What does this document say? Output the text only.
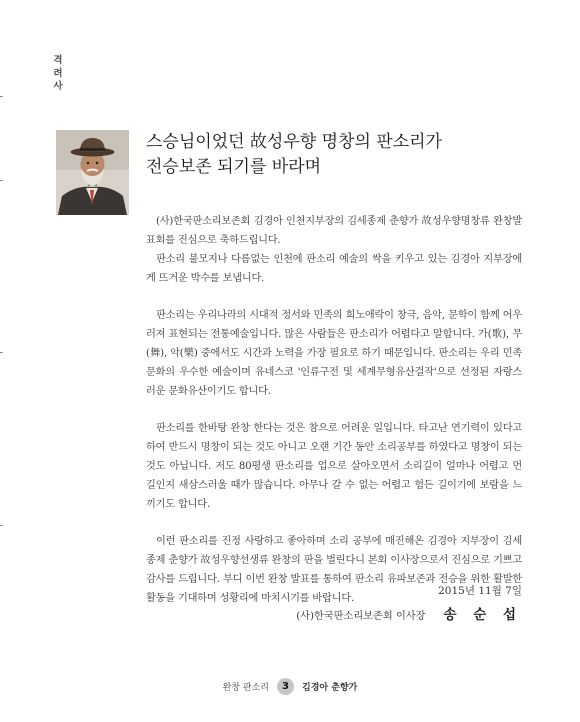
격려사
스승님이었던 故성우향 명창의 판소리가
전승보존 되기를 바라며

(사)한국판소리보존회 김경아 인천지부장의 김세종제 춘향가 故성우향명창류 완창발표회를 진심으로 축하드립니다.

판소리 불모지나 다름없는 인천에 판소리 예술의 싹을 키우고 있는 김경아 지부장에게 뜨거운 박수를 보냅니다.

판소리는 우리나라의 시대적 정서와 민족의 희노애락이 창극, 음악, 문학이 함께 어우러져 표현되는 전통예술입니다. 많은 사람들은 판소리가 어렵다고 말합니다. 가(歌), 무(舞), 악(樂) 중에서도 시간과 노력을 가장 필요로 하기 때문입니다. 판소리는 우리 민족문화의 우수한 예술이며 유네스코 '인류구전 및 세계무형유산걸작'으로 선정된 자랑스러운 문화유산이기도 합니다.

판소리를 한바탕 완창 한다는 것은 참으로 어려운 일입니다. 타고난 연기력이 있다고 하여 반드시 명창이 되는 것도 아니고 오랜 기간 동안 소리공부를 하였다고 명창이 되는 것도 아닙니다. 저도 80평생 판소리를 업으로 살아오면서 소리길이 얼마나 어렵고 먼 길인지 새삼스러울 때가 많습니다. 아무나 갈 수 없는 어렵고 험든 길이기에 보람을 느끼기도 합니다.

이런 판소리를 진정 사랑하고 좋아하며 소리 공부에 매진해온 김경아 지부장이 김세종제 춘향가 故성우향선생류 완창의 판을 벌린다니 본회 이사장으로서 진심으로 기쁘고 감사를 드립니다. 부디 이번 완창 발표를 통하여 판소리 유파보존과 전승을 위한 활발한 활동을 기대하며 성황리에 마치시기를 바랍니다.

2015년 11월 7일
(사)한국판소리보존회 이사장 송 순 섭
완창 판소리	3	김경아 춘향가
